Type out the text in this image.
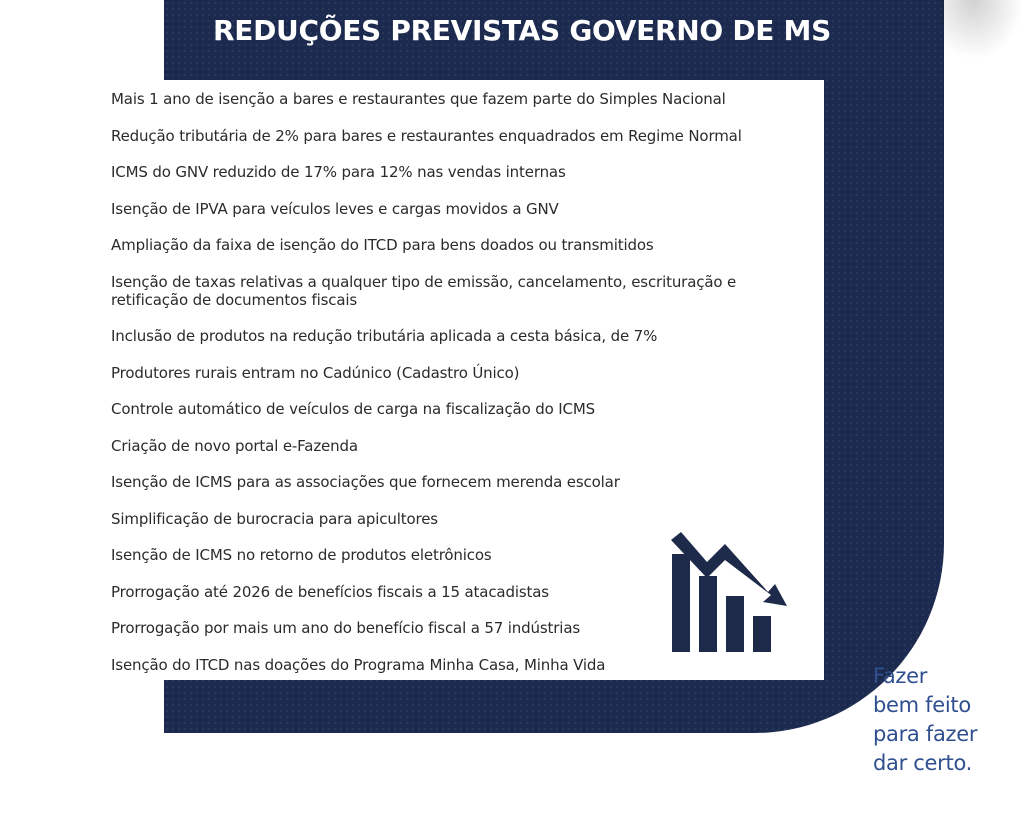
REDUÇÕES PREVISTAS GOVERNO DE MS
Mais 1 ano de isenção a bares e restaurantes que fazem parte do Simples Nacional
Redução tributária de 2% para bares e restaurantes enquadrados em Regime Normal
ICMS do GNV reduzido de 17% para 12% nas vendas internas
Isenção de IPVA para veículos leves e cargas movidos a GNV
Ampliação da faixa de isenção do ITCD para bens doados ou transmitidos
Isenção de taxas relativas a qualquer tipo de emissão, cancelamento, escrituração e retificação de documentos fiscais
Inclusão de produtos na redução tributária aplicada a cesta básica, de 7%
Produtores rurais entram no Cadúnico (Cadastro Único)
Controle automático de veículos de carga na fiscalização do ICMS
Criação de novo portal e-Fazenda
Isenção de ICMS para as associações que fornecem merenda escolar
Simplificação de burocracia para apicultores
Isenção de ICMS no retorno de produtos eletrônicos
Prorrogação até 2026 de benefícios fiscais a 15 atacadistas
Prorrogação por mais um ano do benefício fiscal a 57 indústrias
Isenção do ITCD nas doações do Programa Minha Casa, Minha Vida	Fazer
bem feito
para fazer
dar certo.
